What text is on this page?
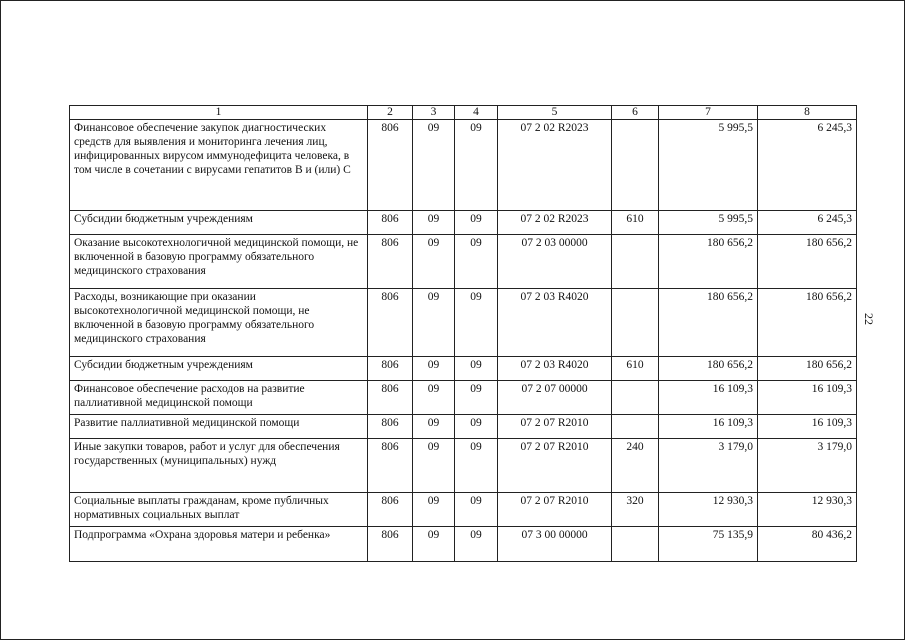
1	2	3	4	5	6	7	8
Финансовое обеспечение закупок диагностических средств для выявления и мониторинга лечения лиц, инфицированных вирусом иммунодефицита человека, в том числе в сочетании с вирусами гепатитов В и (или) С	806	09	09	07 2 02 R2023		5 995,5	6 245,3
Субсидии бюджетным учреждениям	806	09	09	07 2 02 R2023	610	5 995,5	6 245,3
Оказание высокотехнологичной медицинской помощи, не включенной в базовую программу обязательного медицинского страхования	806	09	09	07 2 03 00000		180 656,2	180 656,2
Расходы, возникающие при оказании высокотехнологичной медицинской помощи, не включенной в базовую программу обязательного медицинского страхования	806	09	09	07 2 03 R4020		180 656,2	180 656,2
Субсидии бюджетным учреждениям	806	09	09	07 2 03 R4020	610	180 656,2	180 656,2
Финансовое обеспечение расходов на развитие паллиативной медицинской помощи	806	09	09	07 2 07 00000		16 109,3	16 109,3
Развитие паллиативной медицинской помощи	806	09	09	07 2 07 R2010		16 109,3	16 109,3
Иные закупки товаров, работ и услуг для обеспечения государственных (муниципальных) нужд	806	09	09	07 2 07 R2010	240	3 179,0	3 179,0
Социальные выплаты гражданам, кроме публичных нормативных социальных выплат	806	09	09	07 2 07 R2010	320	12 930,3	12 930,3
Подпрограмма «Охрана здоровья матери и ребенка»	806	09	09	07 3 00 00000		75 135,9	80 436,2
22
